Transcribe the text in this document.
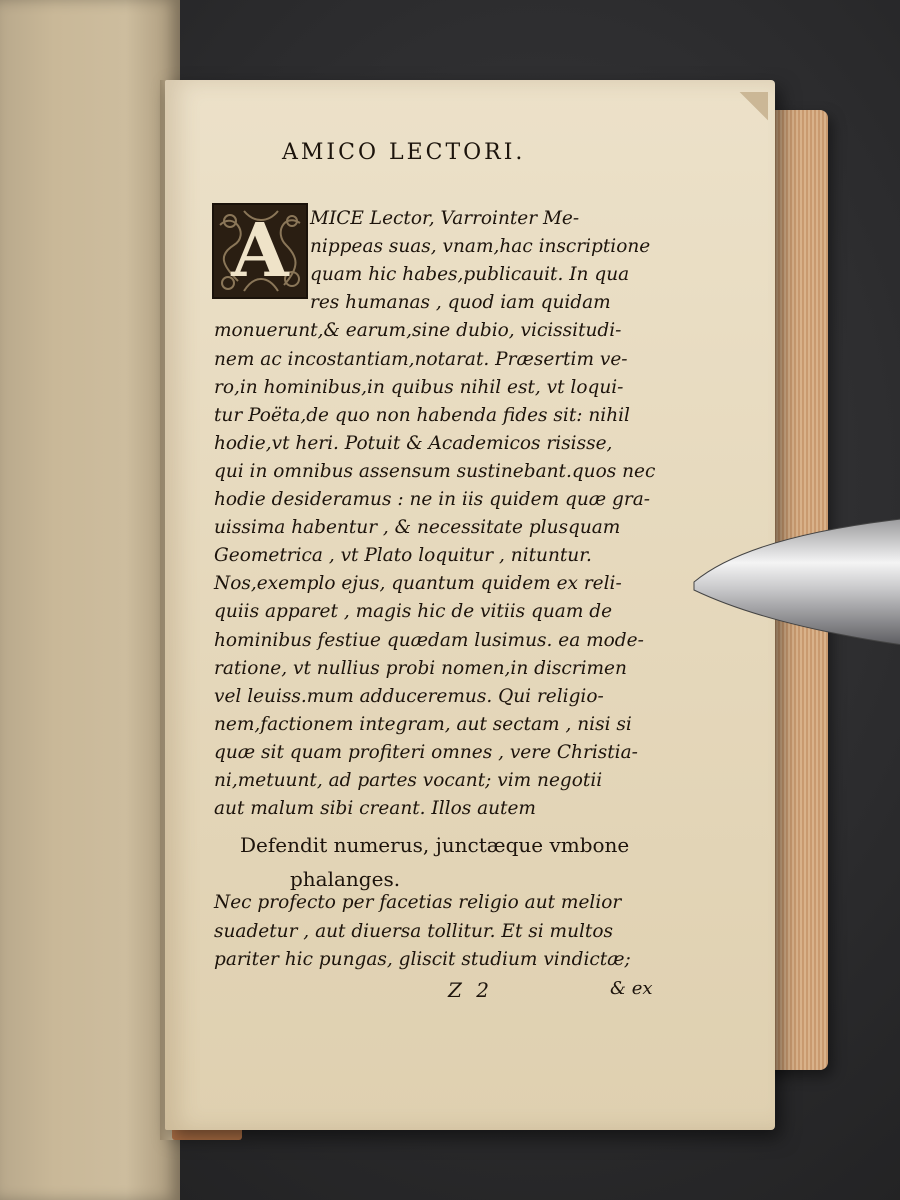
AMICO LECTORI.
A	MICE Lector, Varrointer Me-
nippeas suas, vnam,hac inscriptione
quam hic habes,publicauit. In qua
res humanas , quod iam quidam
monuerunt,& earum,sine dubio, vicissitudi-
nem ac incostantiam,notarat. Præsertim ve-
ro,in hominibus,in quibus nihil est, vt loqui-
tur Poëta,de quo non habenda fides sit: nihil
hodie,vt heri. Potuit & Academicos risisse,
qui in omnibus assensum sustinebant.quos nec
hodie desideramus : ne in iis quidem quæ gra-
uissima habentur , & necessitate plusquam
Geometrica , vt Plato loquitur , nituntur.
Nos,exemplo ejus, quantum quidem ex reli-
quiis apparet , magis hic de vitiis quam de
hominibus festiue quædam lusimus. ea mode-
ratione, vt nullius probi nomen,in discrimen
vel leuiss.mum adduceremus. Qui religio-
nem,factionem integram, aut sectam , nisi si
quæ sit quam profiteri omnes , vere Christia-
ni,metuunt, ad partes vocant; vim negotii
aut malum sibi creant. Illos autem
Defendit numerus, junctæque vmbone
phalanges.
Nec profecto per facetias religio aut melior
suadetur , aut diuersa tollitur. Et si multos
pariter hic pungas, gliscit studium vindictæ;
Z 2	& ex
